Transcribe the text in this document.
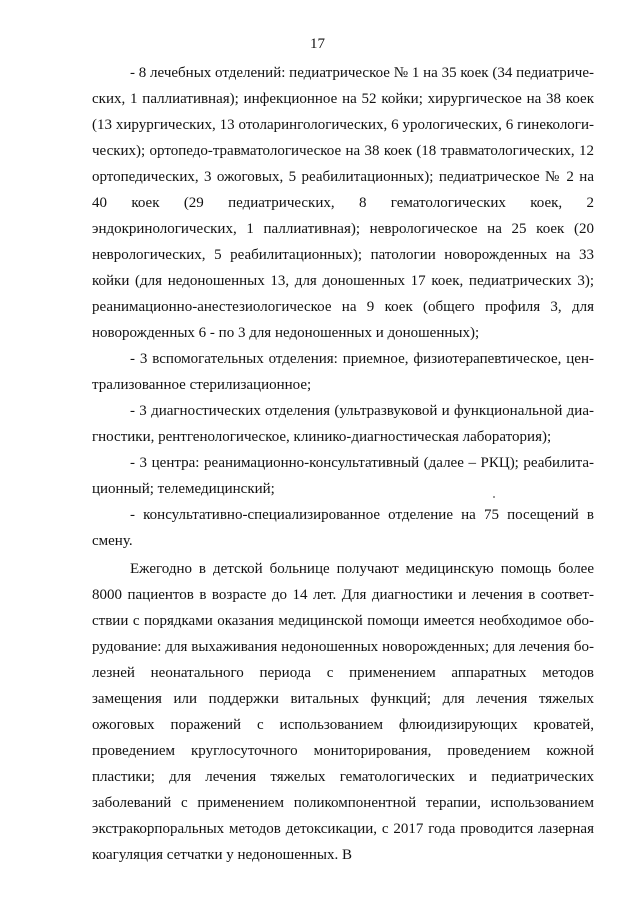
17

- 8 лечебных отделений: педиатрическое № 1 на 35 коек (34 педиатрических, 1 паллиативная); инфекционное на 52 койки; хирургическое на 38 коек (13 хирургических, 13 отоларингологических, 6 урологических, 6 гинекологических); ортопедо-травматологическое на 38 коек (18 травматологических, 12 ортопедических, 3 ожоговых, 5 реабилитационных); педиатрическое № 2 на 40 коек (29 педиатрических, 8 гематологических коек, 2 эндокринологических, 1 паллиативная); неврологическое на 25 коек (20 неврологических, 5 реабилитационных); патологии новорожденных на 33 койки (для недоношенных 13, для доношенных 17 коек, педиатрических 3); реанимационно-анестезиологическое на 9 коек (общего профиля 3, для новорожденных 6 - по 3 для недоношенных и доношенных);

- 3 вспомогательных отделения: приемное, физиотерапевтическое, централизованное стерилизационное;

- 3 диагностических отделения (ультразвуковой и функциональной диагностики, рентгенологическое, клинико-диагностическая лаборатория);

- 3 центра: реанимационно-консультативный (далее – РКЦ); реабилитационный; телемедицинский;

- консультативно-специализированное отделение на 75 посещений в смену.

Ежегодно в детской больнице получают медицинскую помощь более 8000 пациентов в возрасте до 14 лет. Для диагностики и лечения в соответствии с порядками оказания медицинской помощи имеется необходимое оборудование: для выхаживания недоношенных новорожденных; для лечения болезней неонатального периода с применением аппаратных методов замещения или поддержки витальных функций; для лечения тяжелых ожоговых поражений с использованием флюидизирующих кроватей, проведением круглосуточного мониторирования, проведением кожной пластики; для лечения тяжелых гематологических и педиатрических заболеваний с применением поликомпонентной терапии, использованием экстракорпоральных методов детоксикации, с 2017 года проводится лазерная коагуляция сетчатки у недоношенных. В
